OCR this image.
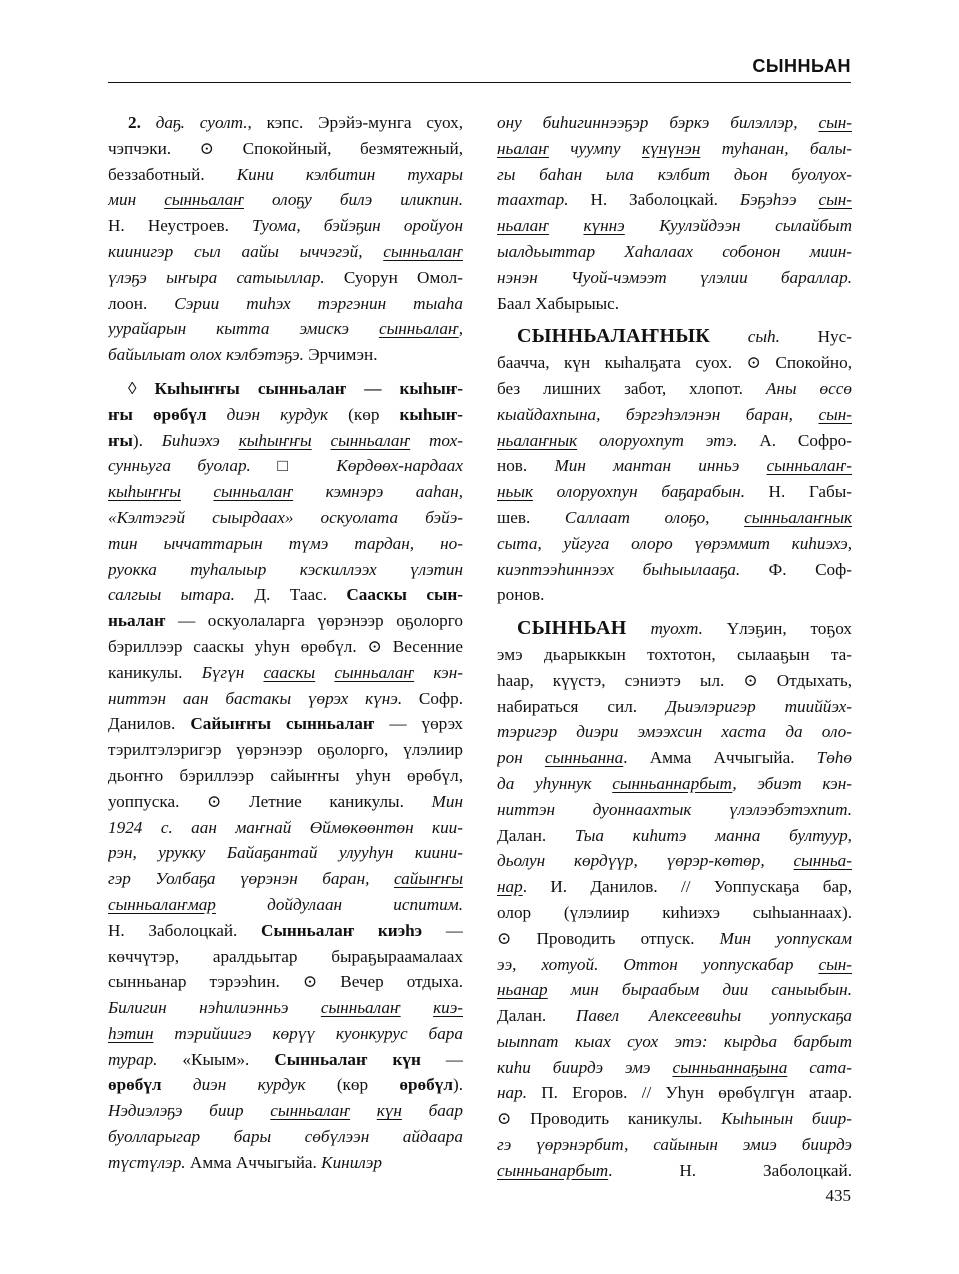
СЫННЬАН
2. даҕ. суолт., кэпс. Эрэйэ-мунга суох,
чэпчэки. ⊙ Спокойный, безмятежный,
беззаботный. Кини кэлбитин тухары
мин сынньалаҥ олоҕу билэ иликпин.
Н. Неустроев. Туома, бэйэҕин оройуон
киинигэр сыл аайы ыччэгэй, сынньалаҥ
үлэҕэ ыҥыра сатыыллар. Суорун Омол-
лоон. Сэрии тиһэх тэргэнин тыаһа
уурайарын кытта эмискэ сынньалаҥ,
байылыат олох кэлбэтэҕэ. Эрчимэн.
◊ Кыһыҥҥы сынньалаҥ — кыһыҥ-
ҥы өрөбүл диэн курдук (көр кыһыҥ-
ҥы). Биһиэхэ кыһыҥҥы сынньалаҥ тох-
сунньуга буолар. □ Көрдөөх-нардаах
кыһыҥҥы сынньалаҥ кэмнэрэ ааһан,
«Кэлтэгэй сыырдаах» оскуолата бэйэ-
тин ыччаттарын түмэ тардан, но-
руокка туһалыыр кэскиллээх үлэтин
салгыы ытара. Д. Таас. Сааскы сын-
ньалаҥ — оскуолаларга үөрэнээр оҕолорго
бэриллээр сааскы уһун өрөбүл. ⊙ Весенние
каникулы. Бүгүн сааскы сынньалаҥ кэн-
ниттэн аан бастакы үөрэх күнэ. Софр.
Данилов. Сайыҥҥы сынньалаҥ — үөрэх
тэрилтэлэригэр үөрэнээр оҕолорго, үлэлиир
дьоҥҥо бэриллээр сайыҥҥы уһун өрөбүл,
уоппуска. ⊙ Летние каникулы. Мин
1924 с. аан маҥнай Өймөкөөнтөн кии-
рэн, урукку Байаҕантай улууһун киини-
гэр Уолбаҕа үөрэнэн баран, сайыҥҥы
сынньалаҥмар дойдулаан испитим.
Н. Заболоцкай. Сынньалаҥ киэһэ —
көччүтэр, аралдьытар быраҕыраамалаах
сынньанар тэрээһин. ⊙ Вечер отдыха.
Билигин нэһилиэнньэ сынньалаҥ киэ-
һэтин тэрийиигэ көрүү куонкурус бара
турар. «Кыым». Сынньалаҥ күн —
өрөбүл диэн курдук (көр өрөбүл).
Нэдиэлэҕэ биир сынньалаҥ күн баар
буолларыгар бары сөбүлээн айдаара
түстүлэр. Амма Аччыгыйа. Кинилэр
ону биһигиннээҕэр бэркэ билэллэр, сын-
ньалаҥ чуумпу күнүнэн туһанан, балы-
гы баһан ыла кэлбит дьон буолуох-
таахтар. Н. Заболоцкай. Бэҕэһээ сын-
ньалаҥ күннэ Куулэйдээн сылайбыт
ыалдьыттар Хаһалаах собонон миин-
нэнэн Чуой-чэмээт үлэлии бараллар.
Баал Хабырыыс.
СЫННЬАЛАҤНЫК сыһ. Нус-
баачча, күн кыһалҕата суох. ⊙ Спокойно,
без лишних забот, хлопот. Аны өссө
кыайдахпына, бэргэһэлэнэн баран, сын-
ньалаҥнык олоруохпут этэ. А. Софро-
нов. Мин мантан инньэ сынньалаҥ-
ньык олоруохпун баҕарабын. Н. Габы-
шев. Саллаат олоҕо, сынньалаҥнык
сыта, уйгуга олоро үөрэммит киһиэхэ,
киэптээһиннээх быһыылааҕа. Ф. Соф-
ронов.
СЫННЬАН туохт. Үлэҕин, тоҕох
эмэ дьарыккын тохтотон, сылааҕын та-
һаар, күүстэ, сэниэтэ ыл. ⊙ Отдыхать,
набираться сил. Дьиэлэригэр тииййэх-
тэригэр диэри эмээхсин хаста да оло-
рон сынньанна. Амма Аччыгыйа. Төһө
да уһуннук сынньаннарбыт, эбиэт кэн-
ниттэн дуоннаахтык үлэлээбэтэхпит.
Далан. Тыа киһитэ манна бултуур,
дьолун көрдүүр, үөрэр-көтөр, сынньа-
нар. И. Данилов. // Уоппускаҕа бар,
олор (үлэлиир киһиэхэ сыһыаннаах).
⊙ Проводить отпуск. Мин уоппускам
ээ, хотуой. Оттон уоппускабар сын-
ньанар мин быраабым дии саныыбын.
Далан. Павел Алексеевиһы уоппускаҕа
ыыппат кыах суох этэ: кырдьа барбыт
киһи биирдэ эмэ сынньаннаҕына сата-
нар. П. Егоров. // Уһун өрөбүлгүн атаар.
⊙ Проводить каникулы. Кыһынын биир-
гэ үөрэнэрбит, сайынын эмиэ биирдэ
сынньанарбыт. Н. Заболоцкай.
435
